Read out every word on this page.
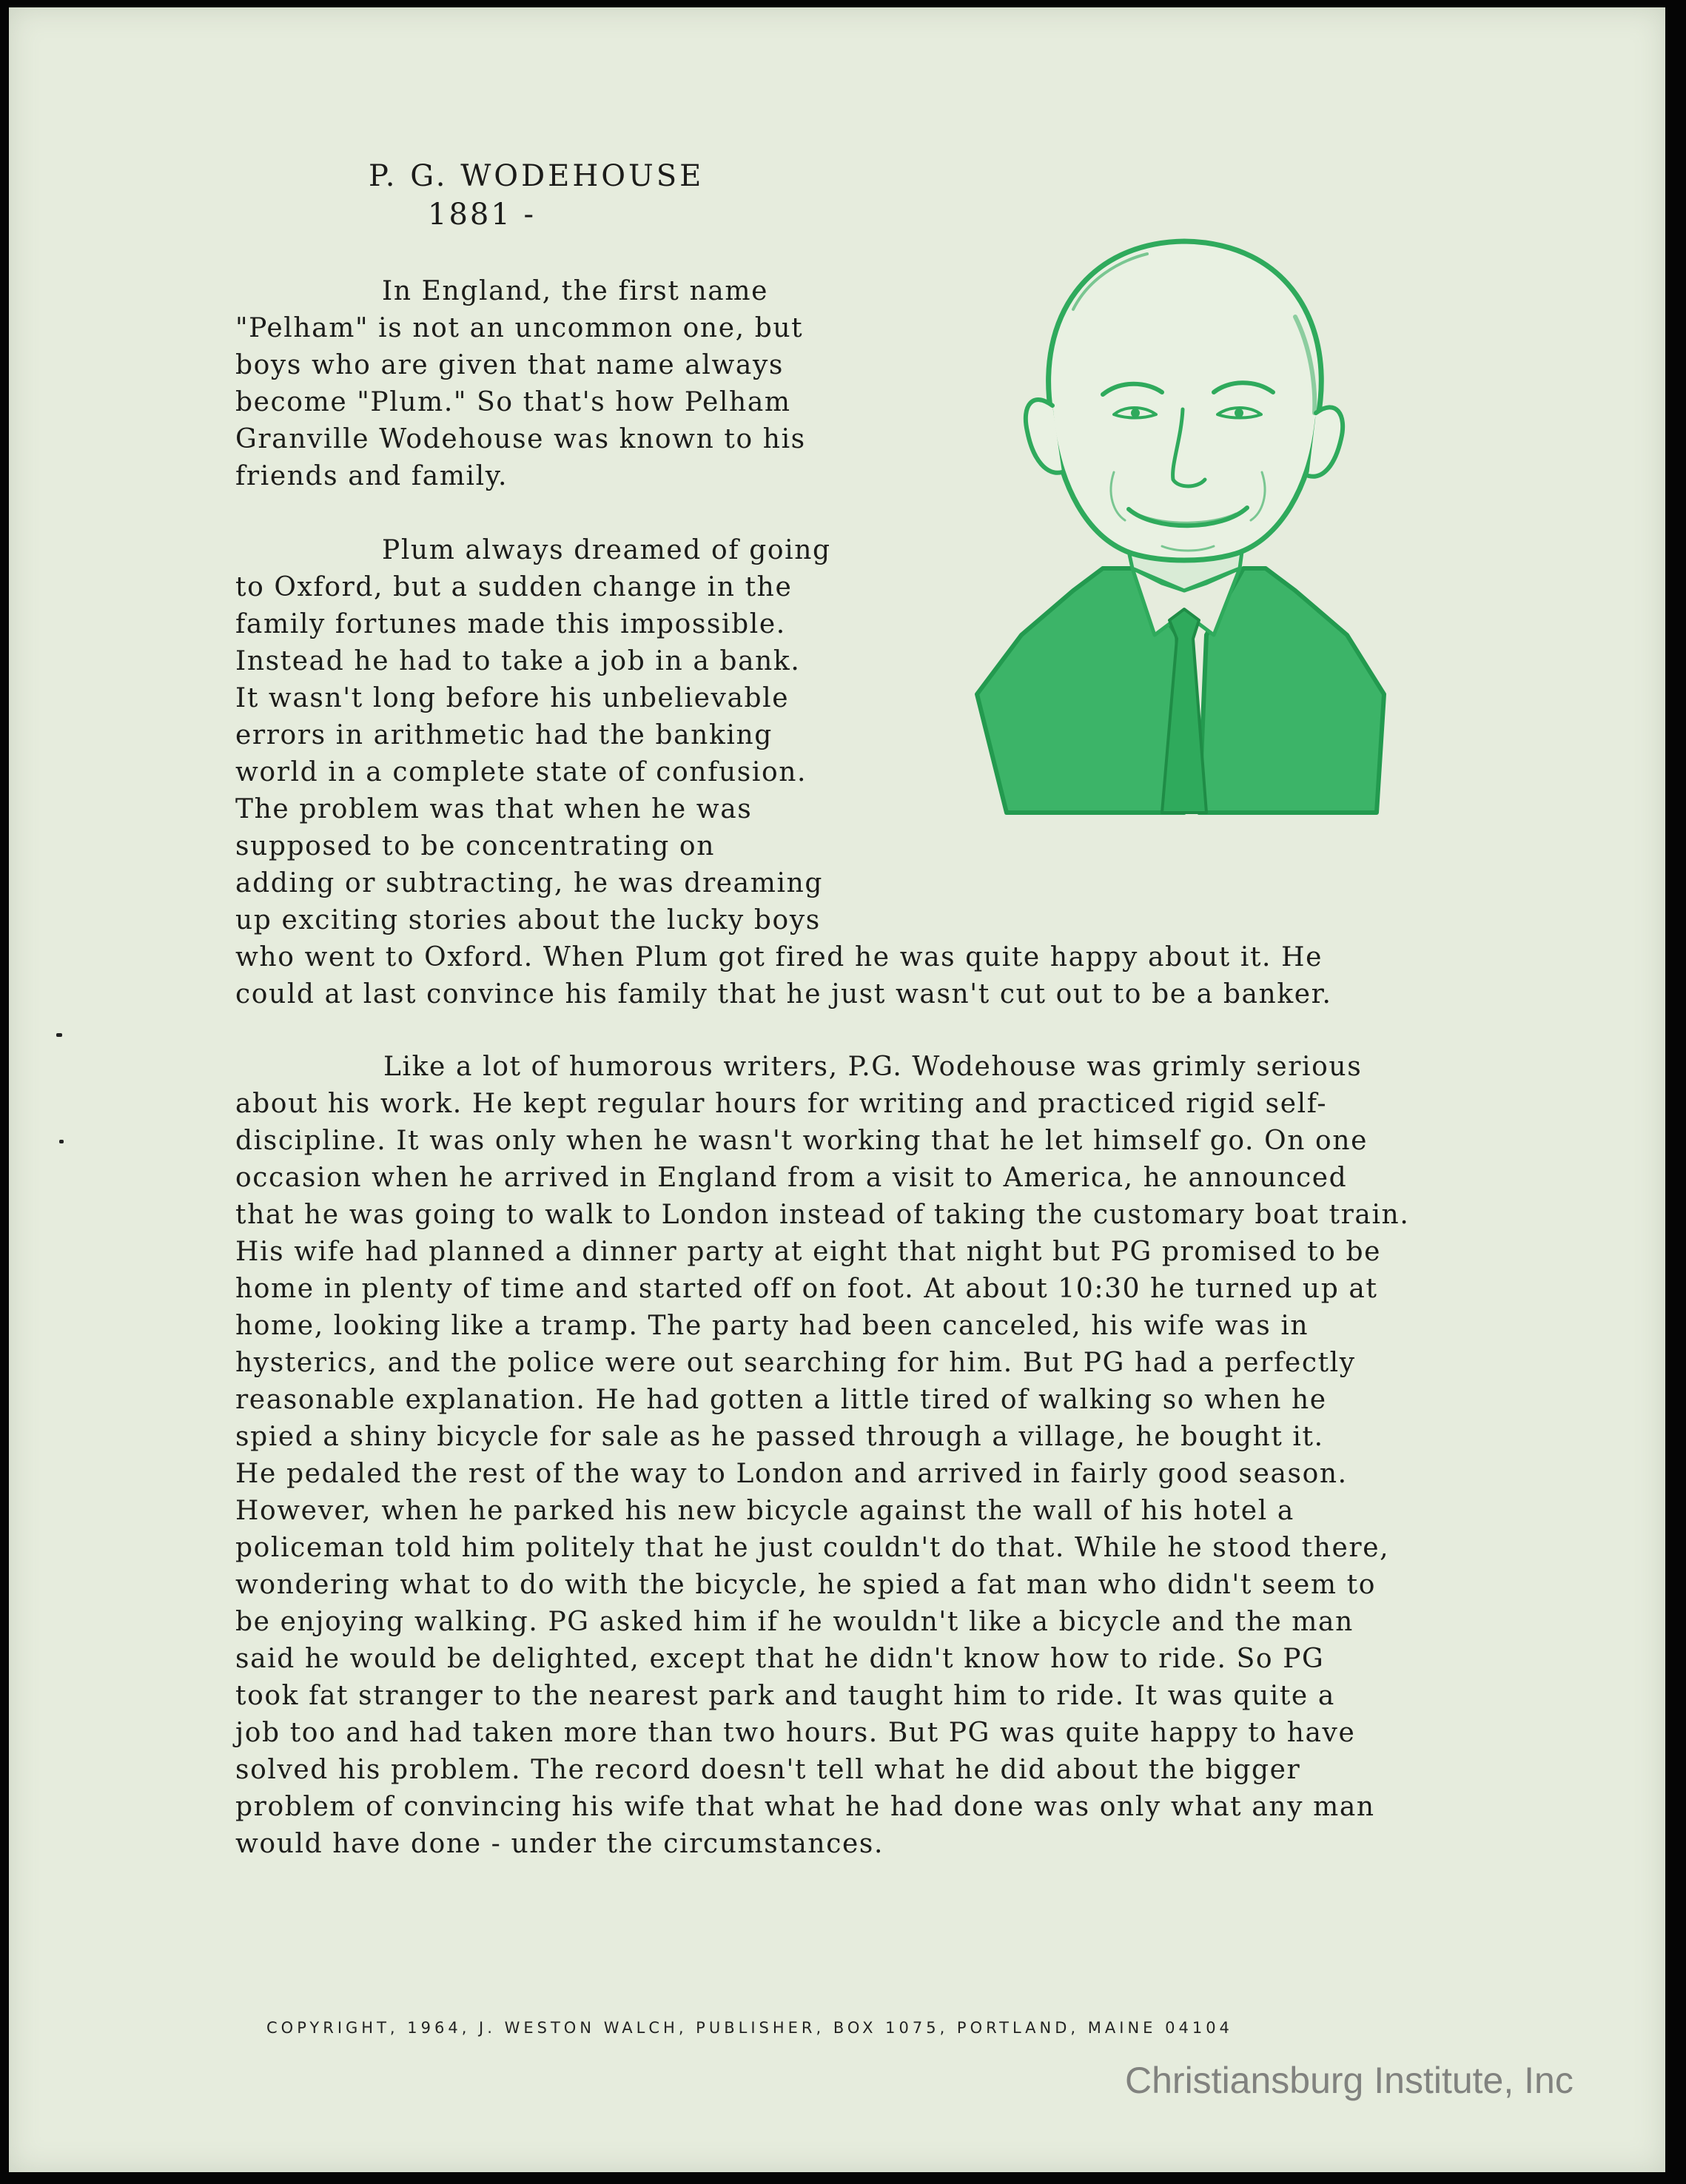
P. G. WODEHOUSE
1881 -
In England, the first name
"Pelham" is not an uncommon one, but
boys who are given that name always
become "Plum." So that's how Pelham
Granville Wodehouse was known to his
friends and family.
Plum always dreamed of going
to Oxford, but a sudden change in the
family fortunes made this impossible.
Instead he had to take a job in a bank.
It wasn't long before his unbelievable
errors in arithmetic had the banking
world in a complete state of confusion.
The problem was that when he was
supposed to be concentrating on
adding or subtracting, he was dreaming
up exciting stories about the lucky boys
who went to Oxford. When Plum got fired he was quite happy about it. He
could at last convince his family that he just wasn't cut out to be a banker.
Like a lot of humorous writers, P.G. Wodehouse was grimly serious
about his work. He kept regular hours for writing and practiced rigid self-
discipline. It was only when he wasn't working that he let himself go. On one
occasion when he arrived in England from a visit to America, he announced
that he was going to walk to London instead of taking the customary boat train.
His wife had planned a dinner party at eight that night but PG promised to be
home in plenty of time and started off on foot. At about 10:30 he turned up at
home, looking like a tramp. The party had been canceled, his wife was in
hysterics, and the police were out searching for him. But PG had a perfectly
reasonable explanation. He had gotten a little tired of walking so when he
spied a shiny bicycle for sale as he passed through a village, he bought it.
He pedaled the rest of the way to London and arrived in fairly good season.
However, when he parked his new bicycle against the wall of his hotel a
policeman told him politely that he just couldn't do that. While he stood there,
wondering what to do with the bicycle, he spied a fat man who didn't seem to
be enjoying walking. PG asked him if he wouldn't like a bicycle and the man
said he would be delighted, except that he didn't know how to ride. So PG
took fat stranger to the nearest park and taught him to ride. It was quite a
job too and had taken more than two hours. But PG was quite happy to have
solved his problem. The record doesn't tell what he did about the bigger
problem of convincing his wife that what he had done was only what any man
would have done - under the circumstances.
COPYRIGHT, 1964, J. WESTON WALCH, PUBLISHER, BOX 1075, PORTLAND, MAINE 04104
Christiansburg Institute, Inc
